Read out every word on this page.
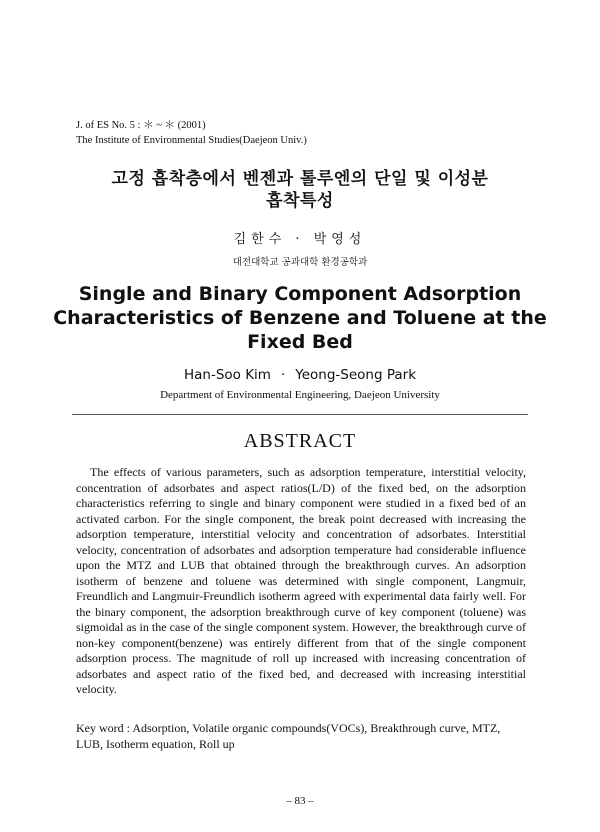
J. of ES No. 5 : ＊ ~ ＊ (2001)
The Institute of Environmental Studies(Daejeon Univ.)
고정 흡착층에서 벤젠과 톨루엔의 단일 및 이성분
흡착특성
김한수 · 박영성
대전대학교 공과대학 환경공학과
Single and Binary Component Adsorption
Characteristics of Benzene and Toluene at the
Fixed Bed
Han-Soo Kim · Yeong-Seong Park
Department of Environmental Engineering, Daejeon University
ABSTRACT

The effects of various parameters, such as adsorption temperature, interstitial velocity, concentration of adsorbates and aspect ratios(L/D) of the fixed bed, on the adsorption characteristics referring to single and binary component were studied in a fixed bed of an activated carbon. For the single component, the break point decreased with increasing the adsorption temperature, interstitial velocity and concentration of adsorbates. Interstitial velocity, concentration of adsorbates and adsorption temperature had considerable influence upon the MTZ and LUB that obtained through the breakthrough curves. An adsorption isotherm of benzene and toluene was determined with single component, Langmuir, Freundlich and Langmuir-Freundlich isotherm agreed with experimental data fairly well. For the binary component, the adsorption breakthrough curve of key component (toluene) was sigmoidal as in the case of the single component system. However, the breakthrough curve of non-key component(benzene) was entirely different from that of the single component adsorption process. The magnitude of roll up increased with increasing concentration of adsorbates and aspect ratio of the fixed bed, and decreased with increasing interstitial velocity.

Key word : Adsorption, Volatile organic compounds(VOCs), Breakthrough curve, MTZ, LUB, Isotherm equation, Roll up

– 83 –
